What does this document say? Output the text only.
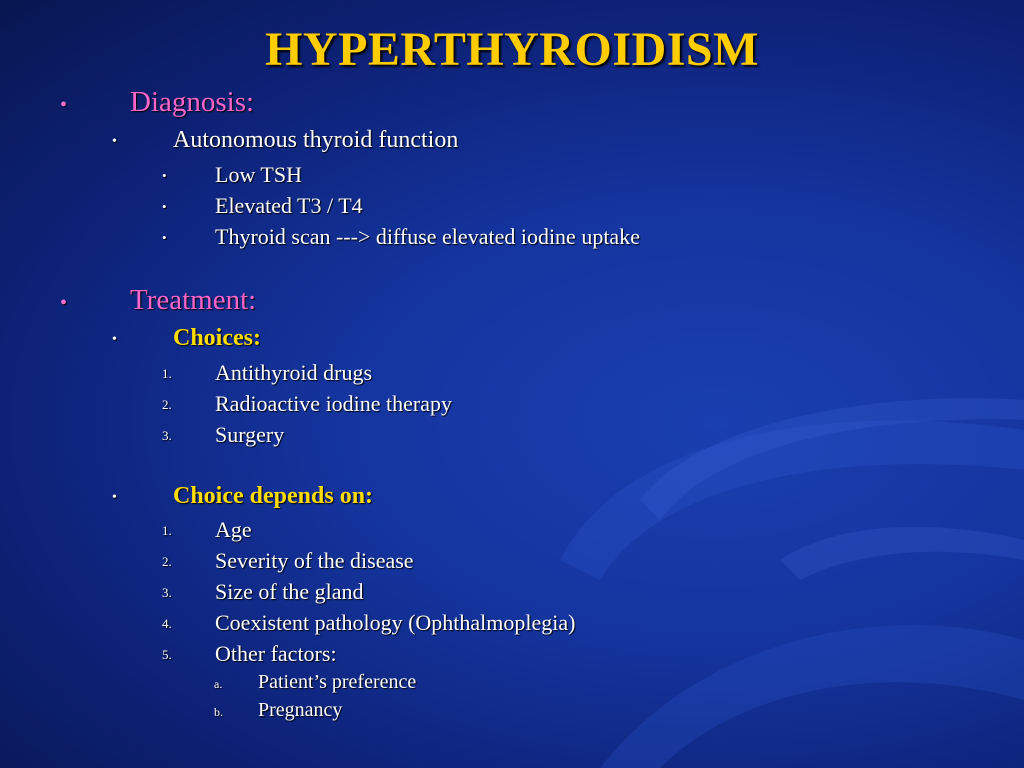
HYPERTHYROIDISM
• Diagnosis:
• Autonomous thyroid function
• Low TSH
• Elevated T3 / T4
• Thyroid scan ---> diffuse elevated iodine uptake
• Treatment:
• Choices:
1. Antithyroid drugs
2. Radioactive iodine therapy
3. Surgery
• Choice depends on:
1. Age
2. Severity of the disease
3. Size of the gland
4. Coexistent pathology (Ophthalmoplegia)
5. Other factors:
a. Patient’s preference
b. Pregnancy
